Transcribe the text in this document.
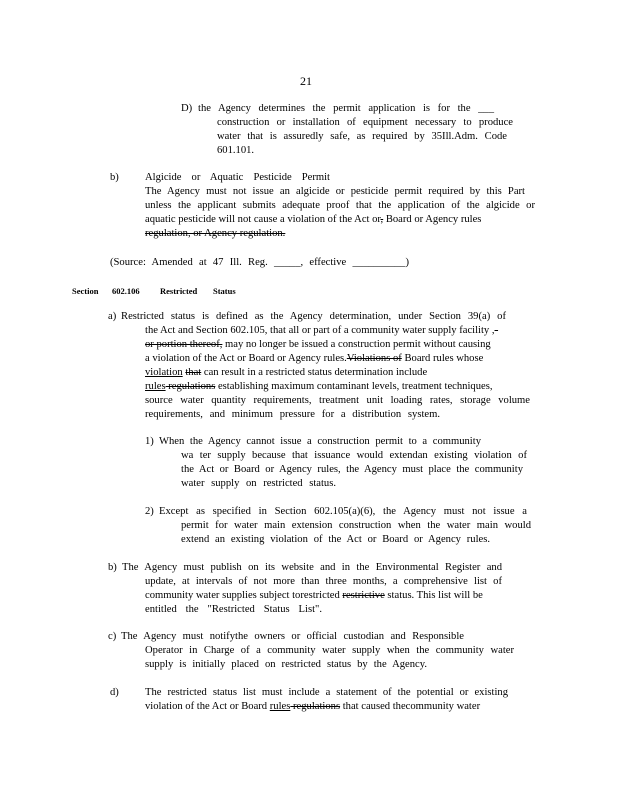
21
D) the Agency determines the permit application is for the ___
construction or installation of equipment necessary to produce
water that is assuredly safe, as required by 35Ill.Adm. Code
601.101.
b) Algicide or Aquatic Pesticide Permit
The Agency must not issue an algicide or pesticide permit required by this Part
unless the applicant submits adequate proof that the application of the algicide or
aquatic pesticide will not cause a violation of the Act or, Board or Agency rules
regulation, or Agency regulation.
(Source: Amended at 47 Ill. Reg. _____, effective __________)
Section 602.106 Restricted Status
a) Restricted status is defined as the Agency determination, under Section 39(a) of
the Act and Section 602.105, that all or part of a community water supply facility ,-
or portion thereof, may no longer be issued a construction permit without causing
a violation of the Act or Board or Agency rules.Violations of Board rules whose
violation that can result in a restricted status determination include
rules regulations establishing maximum contaminant levels, treatment techniques,
source water quantity requirements, treatment unit loading rates, storage volume
requirements, and minimum pressure for a distribution system.
1) When the Agency cannot issue a construction permit to a community
wa ter supply because that issuance would extendan existing violation of
the Act or Board or Agency rules, the Agency must place the community
water supply on restricted status.
2) Except as specified in Section 602.105(a)(6), the Agency must not issue a
permit for water main extension construction when the water main would
extend an existing violation of the Act or Board or Agency rules.
b) The Agency must publish on its website and in the Environmental Register and
update, at intervals of not more than three months, a comprehensive list of
community water supplies subject torestricted restrictive status. This list will be
entitled the "Restricted Status List".
c) The Agency must notifythe owners or official custodian and Responsible
Operator in Charge of a community water supply when the community water
supply is initially placed on restricted status by the Agency.
d) The restricted status list must include a statement of the potential or existing
violation of the Act or Board rules regulations that caused thecommunity water
